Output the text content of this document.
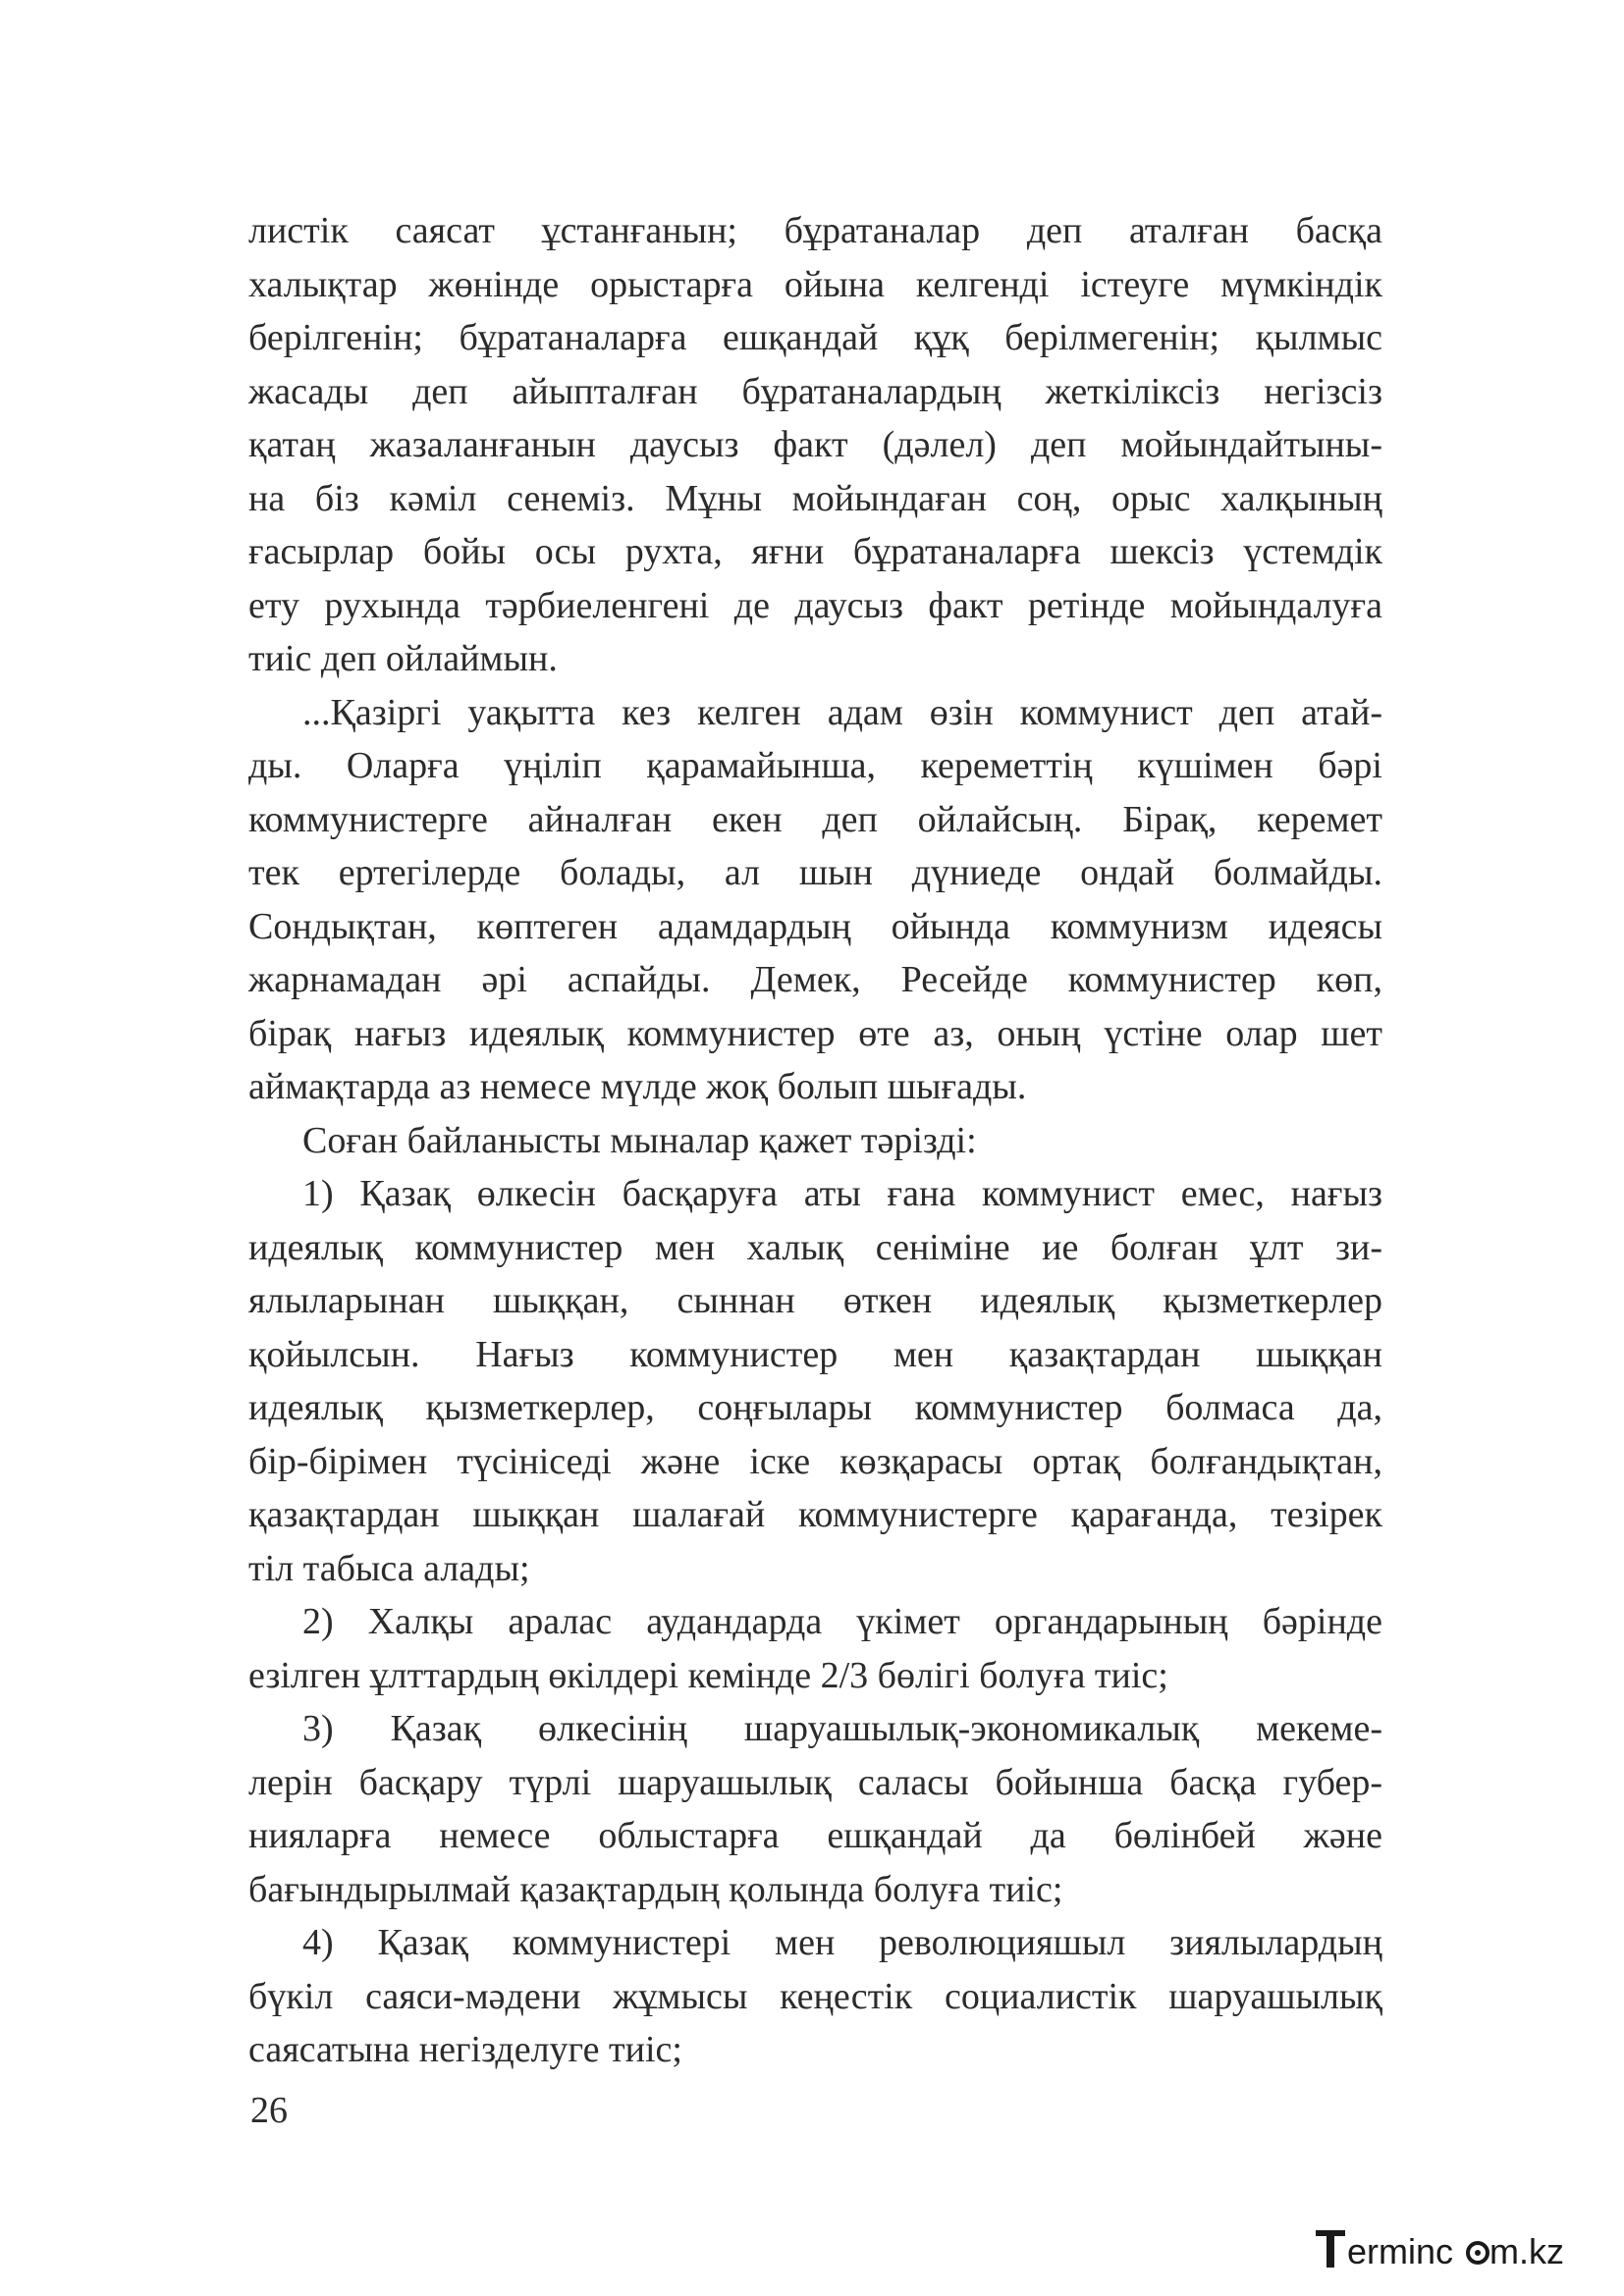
листік саясат ұстанғанын; бұратаналар деп аталған басқа
халықтар жөнінде орыстарға ойына келгенді істеуге мүмкіндік
берілгенін; бұратаналарға ешқандай құқ берілмегенін; қылмыс
жасады деп айыпталған бұратаналардың жеткіліксіз негізсіз
қатаң жазаланғанын даусыз факт (дәлел) деп мойындайтыны-
на біз кәміл сенеміз. Мұны мойындаған соң, орыс халқының
ғасырлар бойы осы рухта, яғни бұратаналарға шексіз үстемдік
ету рухында тәрбиеленгені де даусыз факт ретінде мойындалуға
тиіс деп ойлаймын.

...Қазіргі уақытта кез келген адам өзін коммунист деп атай-
ды. Оларға үңіліп қарамайынша, кереметтің күшімен бәрі
коммунистерге айналған екен деп ойлайсың. Бірақ, керемет
тек ертегілерде болады, ал шын дүниеде ондай болмайды.
Сондықтан, көптеген адамдардың ойында коммунизм идеясы
жарнамадан әрі аспайды. Демек, Ресейде коммунистер көп,
бірақ нағыз идеялық коммунистер өте аз, оның үстіне олар шет
аймақтарда аз немесе мүлде жоқ болып шығады.

Соған байланысты мыналар қажет тәрізді:

1) Қазақ өлкесін басқаруға аты ғана коммунист емес, нағыз
идеялық коммунистер мен халық сеніміне ие болған ұлт зи-
ялыларынан шыққан, сыннан өткен идеялық қызметкерлер
қойылсын. Нағыз коммунистер мен қазақтардан шыққан
идеялық қызметкерлер, соңғылары коммунистер болмаса да,
бір-бірімен түсініседі және іске көзқарасы ортақ болғандықтан,
қазақтардан шыққан шалағай коммунистерге қарағанда, тезірек
тіл табыса алады;

2) Халқы аралас аудандарда үкімет органдарының бәрінде
езілген ұлттардың өкілдері кемінде 2/3 бөлігі болуға тиіс;

3) Қазақ өлкесінің шаруашылық-экономикалық мекеме-
лерін басқару түрлі шаруашылық саласы бойынша басқа губер-
нияларға немесе облыстарға ешқандай да бөлінбей және
бағындырылмай қазақтардың қолында болуға тиіс;

4) Қазақ коммунистері мен революцияшыл зиялылардың
бүкіл саяси-мәдени жұмысы кеңестік социалистік шаруашылық
саясатына негізделуге тиіс;

26
erminc m.kz
